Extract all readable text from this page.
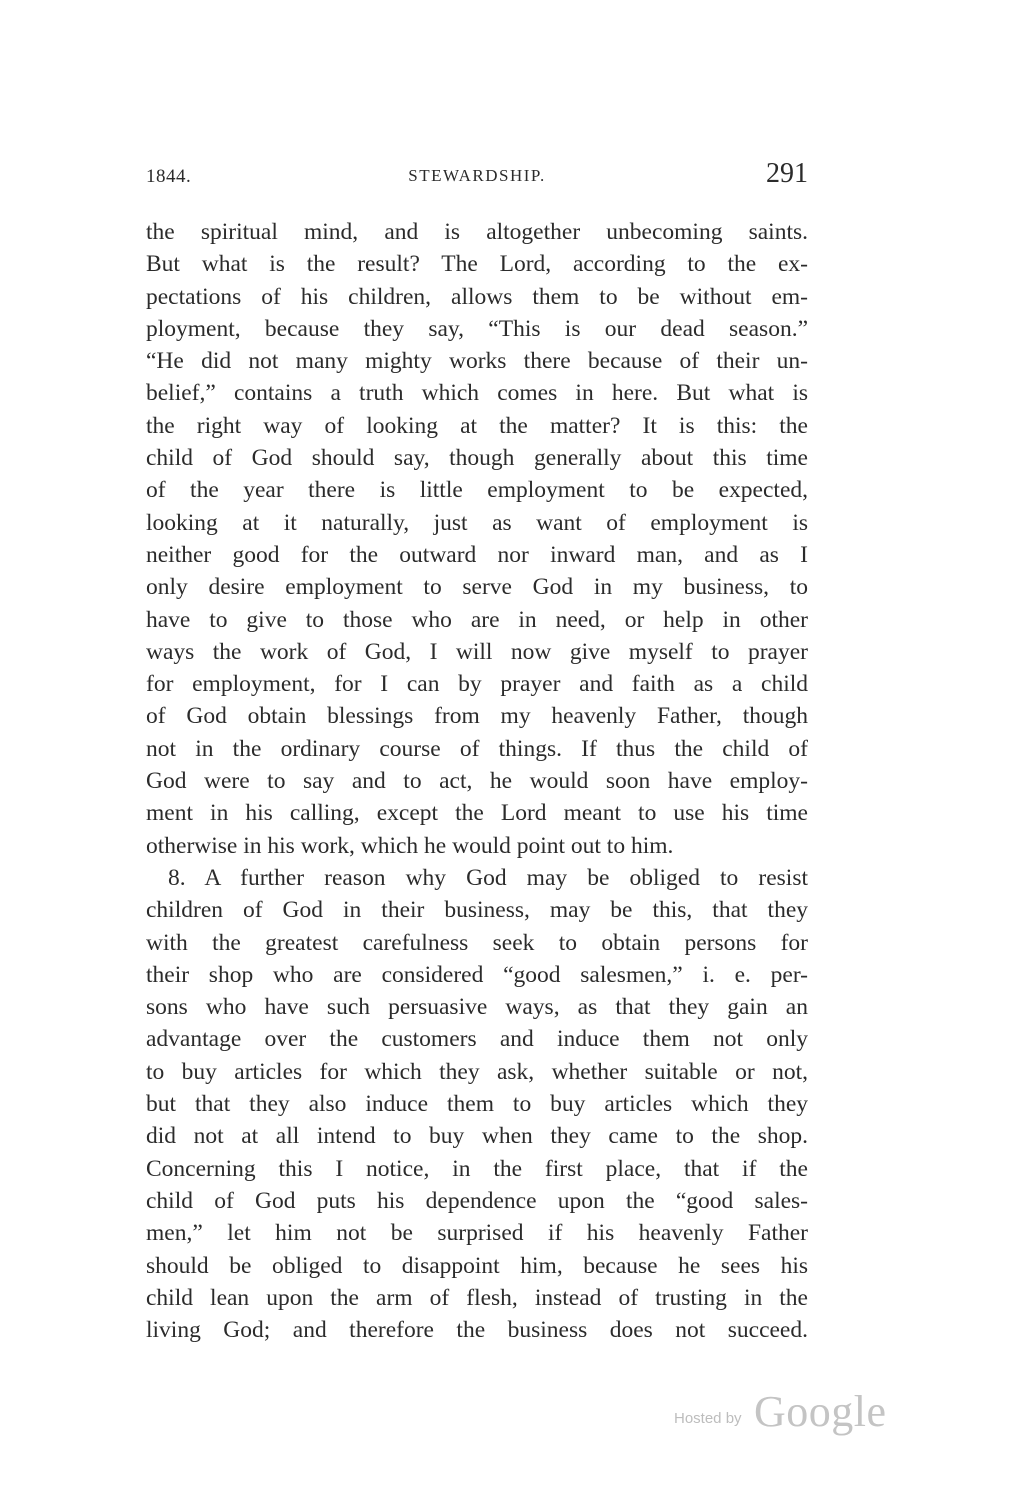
1844.	STEWARDSHIP.	291
the spiritual mind, and is altogether unbecoming saints.
But what is the result? The Lord, according to the ex-
pectations of his children, allows them to be without em-
ployment, because they say, “This is our dead season.”
“He did not many mighty works there because of their un-
belief,” contains a truth which comes in here. But what is
the right way of looking at the matter? It is this: the
child of God should say, though generally about this time
of the year there is little employment to be expected,
looking at it naturally, just as want of employment is
neither good for the outward nor inward man, and as I
only desire employment to serve God in my business, to
have to give to those who are in need, or help in other
ways the work of God, I will now give myself to prayer
for employment, for I can by prayer and faith as a child
of God obtain blessings from my heavenly Father, though
not in the ordinary course of things. If thus the child of
God were to say and to act, he would soon have employ-
ment in his calling, except the Lord meant to use his time
otherwise in his work, which he would point out to him.
8. A further reason why God may be obliged to resist
children of God in their business, may be this, that they
with the greatest carefulness seek to obtain persons for
their shop who are considered “good salesmen,” i. e. per-
sons who have such persuasive ways, as that they gain an
advantage over the customers and induce them not only
to buy articles for which they ask, whether suitable or not,
but that they also induce them to buy articles which they
did not at all intend to buy when they came to the shop.
Concerning this I notice, in the first place, that if the
child of God puts his dependence upon the “good sales-
men,” let him not be surprised if his heavenly Father
should be obliged to disappoint him, because he sees his
child lean upon the arm of flesh, instead of trusting in the
living God; and therefore the business does not succeed.
Hosted by Google
